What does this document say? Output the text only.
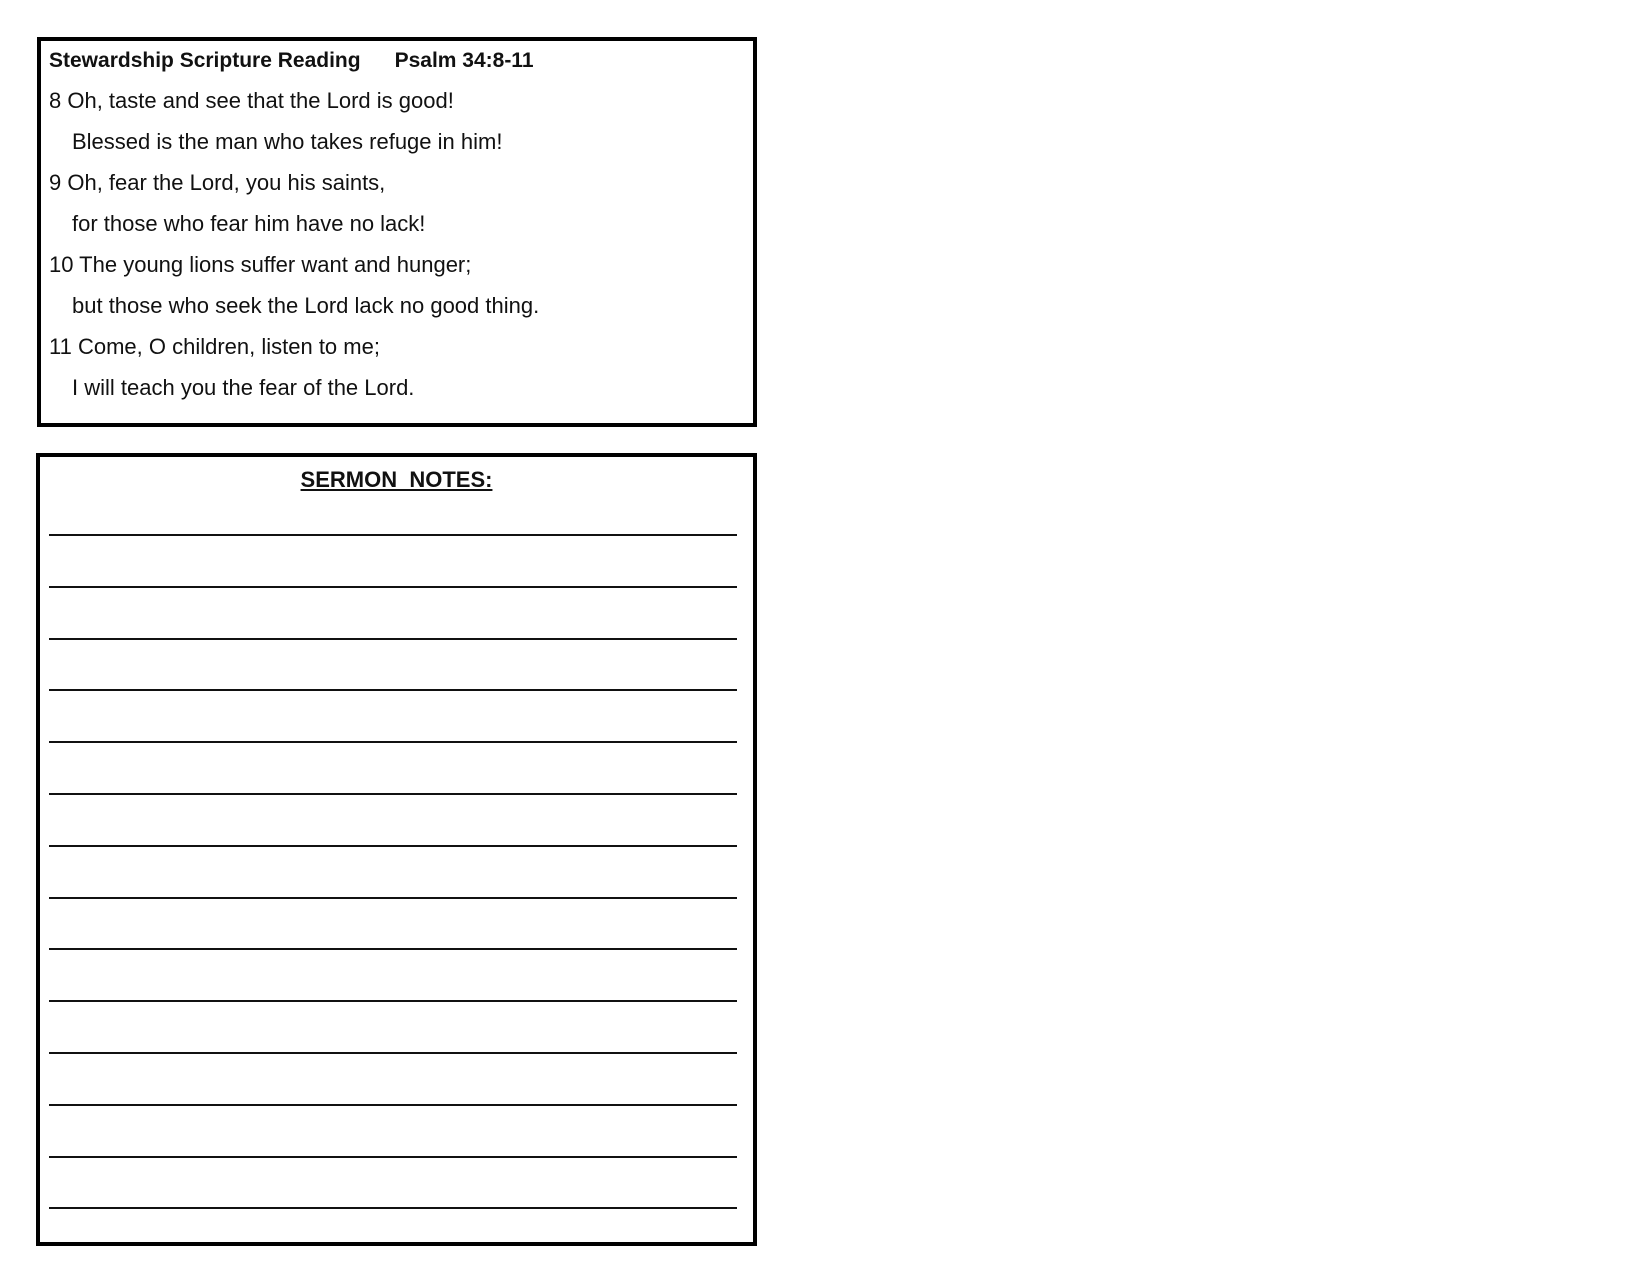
Stewardship Scripture Reading Psalm 34:8-11
8 Oh, taste and see that the Lord is good!
Blessed is the man who takes refuge in him!
9 Oh, fear the Lord, you his saints,
for those who fear him have no lack!
10 The young lions suffer want and hunger;
but those who seek the Lord lack no good thing.
11 Come, O children, listen to me;
I will teach you the fear of the Lord.
SERMON  NOTES:
